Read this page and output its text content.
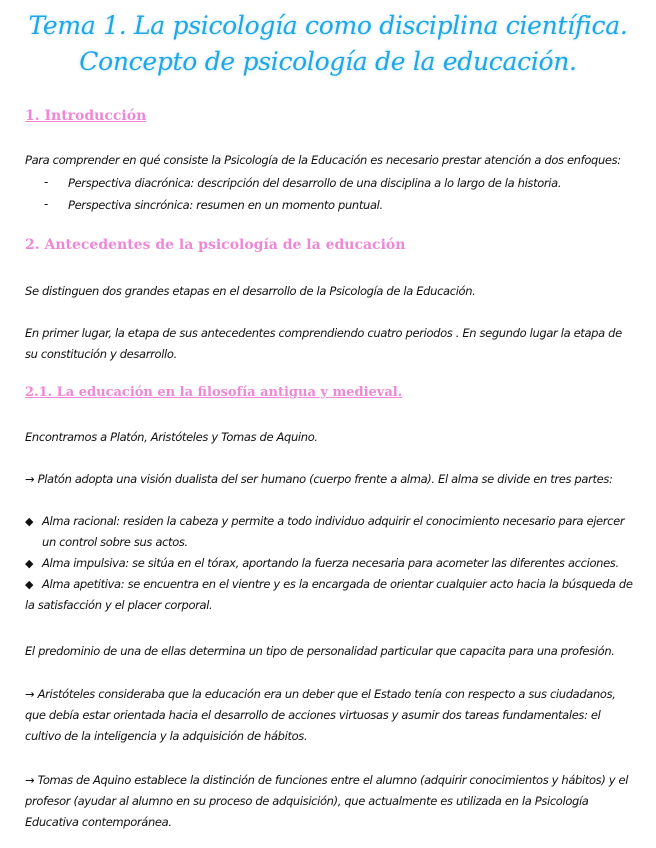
Tema 1. La psicología como disciplina científica.
Concepto de psicología de la educación.
1. Introducción
Para comprender en qué consiste la Psicología de la Educación es necesario prestar atención a dos enfoques:
- Perspectiva diacrónica: descripción del desarrollo de una disciplina a lo largo de la historia.
- Perspectiva sincrónica: resumen en un momento puntual.
2. Antecedentes de la psicología de la educación
Se distinguen dos grandes etapas en el desarrollo de la Psicología de la Educación.
En primer lugar, la etapa de sus antecedentes comprendiendo cuatro periodos . En segundo lugar la etapa de su constitución y desarrollo.
2.1. La educación en la filosofía antigua y medieval.
Encontramos a Platón, Aristóteles y Tomas de Aquino.
→ Platón adopta una visión dualista del ser humano (cuerpo frente a alma). El alma se divide en tres partes:
◆ Alma racional: residen la cabeza y permite a todo individuo adquirir el conocimiento necesario para ejercer un control sobre sus actos.
◆ Alma impulsiva: se sitúa en el tórax, aportando la fuerza necesaria para acometer las diferentes acciones.
◆ Alma apetitiva: se encuentra en el vientre y es la encargada de orientar cualquier acto hacia la búsqueda de la satisfacción y el placer corporal.
El predominio de una de ellas determina un tipo de personalidad particular que capacita para una profesión.
→ Aristóteles consideraba que la educación era un deber que el Estado tenía con respecto a sus ciudadanos, que debía estar orientada hacia el desarrollo de acciones virtuosas y asumir dos tareas fundamentales: el cultivo de la inteligencia y la adquisición de hábitos.
→ Tomas de Aquino establece la distinción de funciones entre el alumno (adquirir conocimientos y hábitos) y el profesor (ayudar al alumno en su proceso de adquisición), que actualmente es utilizada en la Psicología Educativa contemporánea.
